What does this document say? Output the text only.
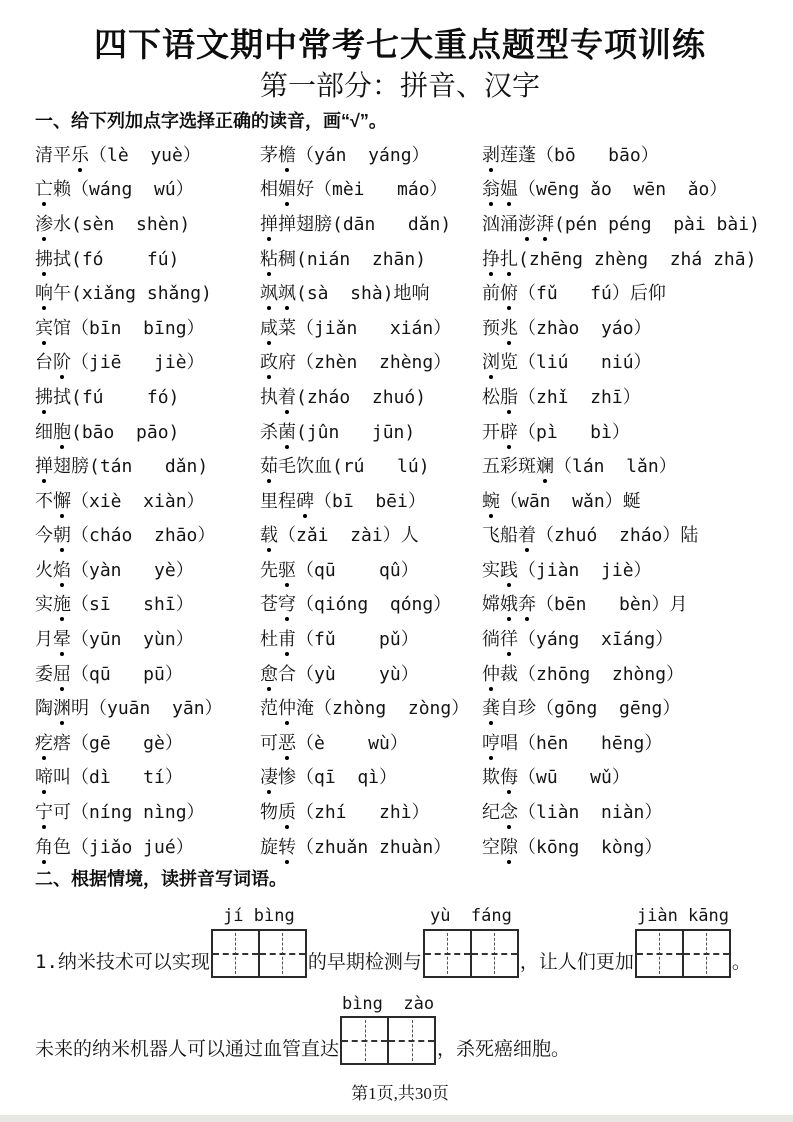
四下语文期中常考七大重点题型专项训练
第一部分：拼音、汉字
一、给下列加点字选择正确的读音，画“√”。
清平乐（lè  yuè）	茅檐（yán  yáng）	剥莲蓬（bō   bāo）
亡赖（wáng  wú）	相媚好（mèi   máo）	翁媪（wēng ǎo  wēn  ǎo）
渗水(sèn  shèn)	掸掸翅膀(dān   dǎn)	汹涌澎湃(pén péng  pài bài)
拂拭(fó    fú)	粘稠(nián  zhān)	挣扎(zhēng zhèng  zhá zhā)
响午(xiǎng shǎng)	飒飒(sà  shà)地响	前俯（fǔ   fú）后仰
宾馆（bīn  bīng）	咸菜（jiǎn   xián）	预兆（zhào  yáo）
台阶（jiē   jiè）	政府（zhèn  zhèng）	浏览（liú   niú）
拂拭(fú    fó)	执着(zháo  zhuó)	松脂（zhǐ  zhī）
细胞(bāo  pāo)	杀菌(jûn   jūn)	开辟（pì   bì）
掸翅膀(tán   dǎn)	茹毛饮血(rú   lú)	五彩斑斓（lán  lǎn）
不懈（xiè  xiàn）	里程碑（bī  bēi）	蜿（wān  wǎn）蜒
今朝（cháo  zhāo）	载（zǎi  zài）人	飞船着（zhuó  zháo）陆
火焰（yàn   yè）	先驱（qū    qû）	实践（jiàn  jiè）
实施（sī   shī）	苍穹（qióng  qóng）	嫦娥奔（bēn   bèn）月
月晕（yūn  yùn）	杜甫（fǔ    pǔ）	徜徉（yáng  xīáng）
委屈（qū   pū）	愈合（yù    yù）	仲裁（zhōng  zhòng）
陶渊明（yuān  yān）	范仲淹（zhòng  zòng） 龚自珍（gōng  gēng）
疙瘩（gē   gè）	可恶（è    wù）	哼唱（hēn   hēng）
啼叫（dì   tí）	凄惨（qī  qì）	欺侮（wū   wǔ）
宁可（níng nìng）	物质（zhí   zhì）	纪念（liàn  niàn）
角色（jiǎo jué）	旋转（zhuǎn zhuàn）	空隙（kōng  kòng）
二、根据情境，读拼音写词语。
1.纳米技术可以实现
jí bìng
的早期检测与
yù  fáng
，让人们更加
jiàn kāng
。
未来的纳米机器人可以通过血管直达
bìng  zào
，杀死癌细胞。
第1页,共30页
